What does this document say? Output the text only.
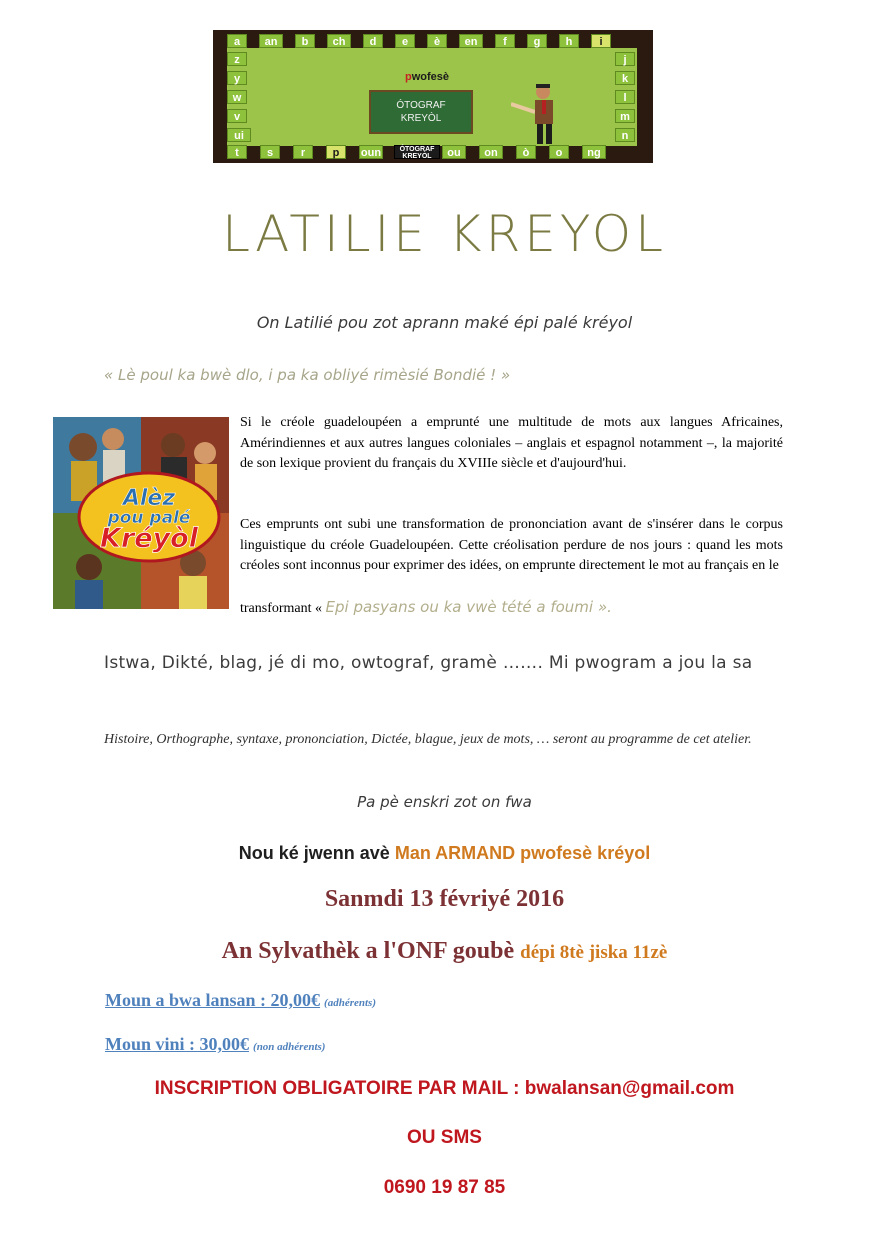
pwofesè
ÓTOGRAF
KREYÒL
a	an	b	ch	d	e	è	en	f	g	h	i
z
y
w
v
ui
j
k
l
m
n
t	s	r	p	oun	ou	on	ò	o	ng
ÓTOGRAF
KREYÒL
LATILIE KREYOL
On Latilié pou zot aprann maké épi palé kréyol
« Lè poul ka bwè dlo, i pa ka obliyé rimèsié Bondié ! »
Alèz
pou palé
Kréyòl
Si le créole guadeloupéen a emprunté une multitude de mots aux langues Africaines, Amérindiennes et aux autres langues coloniales – anglais et espagnol notamment –, la majorité de son lexique provient du français du XVIIIe siècle et d'aujourd'hui.
Ces emprunts ont subi une transformation de prononciation avant de s'insérer dans le corpus linguistique du créole Guadeloupéen. Cette créolisation perdure de nos jours : quand les mots créoles sont inconnus pour exprimer des idées, on emprunte directement le mot au français en le
transformant « Epi pasyans ou ka vwè tété a foumi ».
Istwa, Dikté, blag, jé di mo, owtograf, gramè ……. Mi pwogram a jou la sa
Histoire, Orthographe, syntaxe, prononciation, Dictée, blague, jeux de mots, … seront au programme de cet atelier.
Pa pè enskri zot on fwa
Nou ké jwenn avè Man ARMAND pwofesè kréyol
Sanmdi 13 févriyé 2016
An Sylvathèk a l'ONF goubè dépi 8tè jiska 11zè
Moun a bwa lansan : 20,00€ (adhérents)
Moun vini : 30,00€ (non adhérents)
INSCRIPTION OBLIGATOIRE PAR MAIL : bwalansan@gmail.com
OU SMS
0690 19 87 85
